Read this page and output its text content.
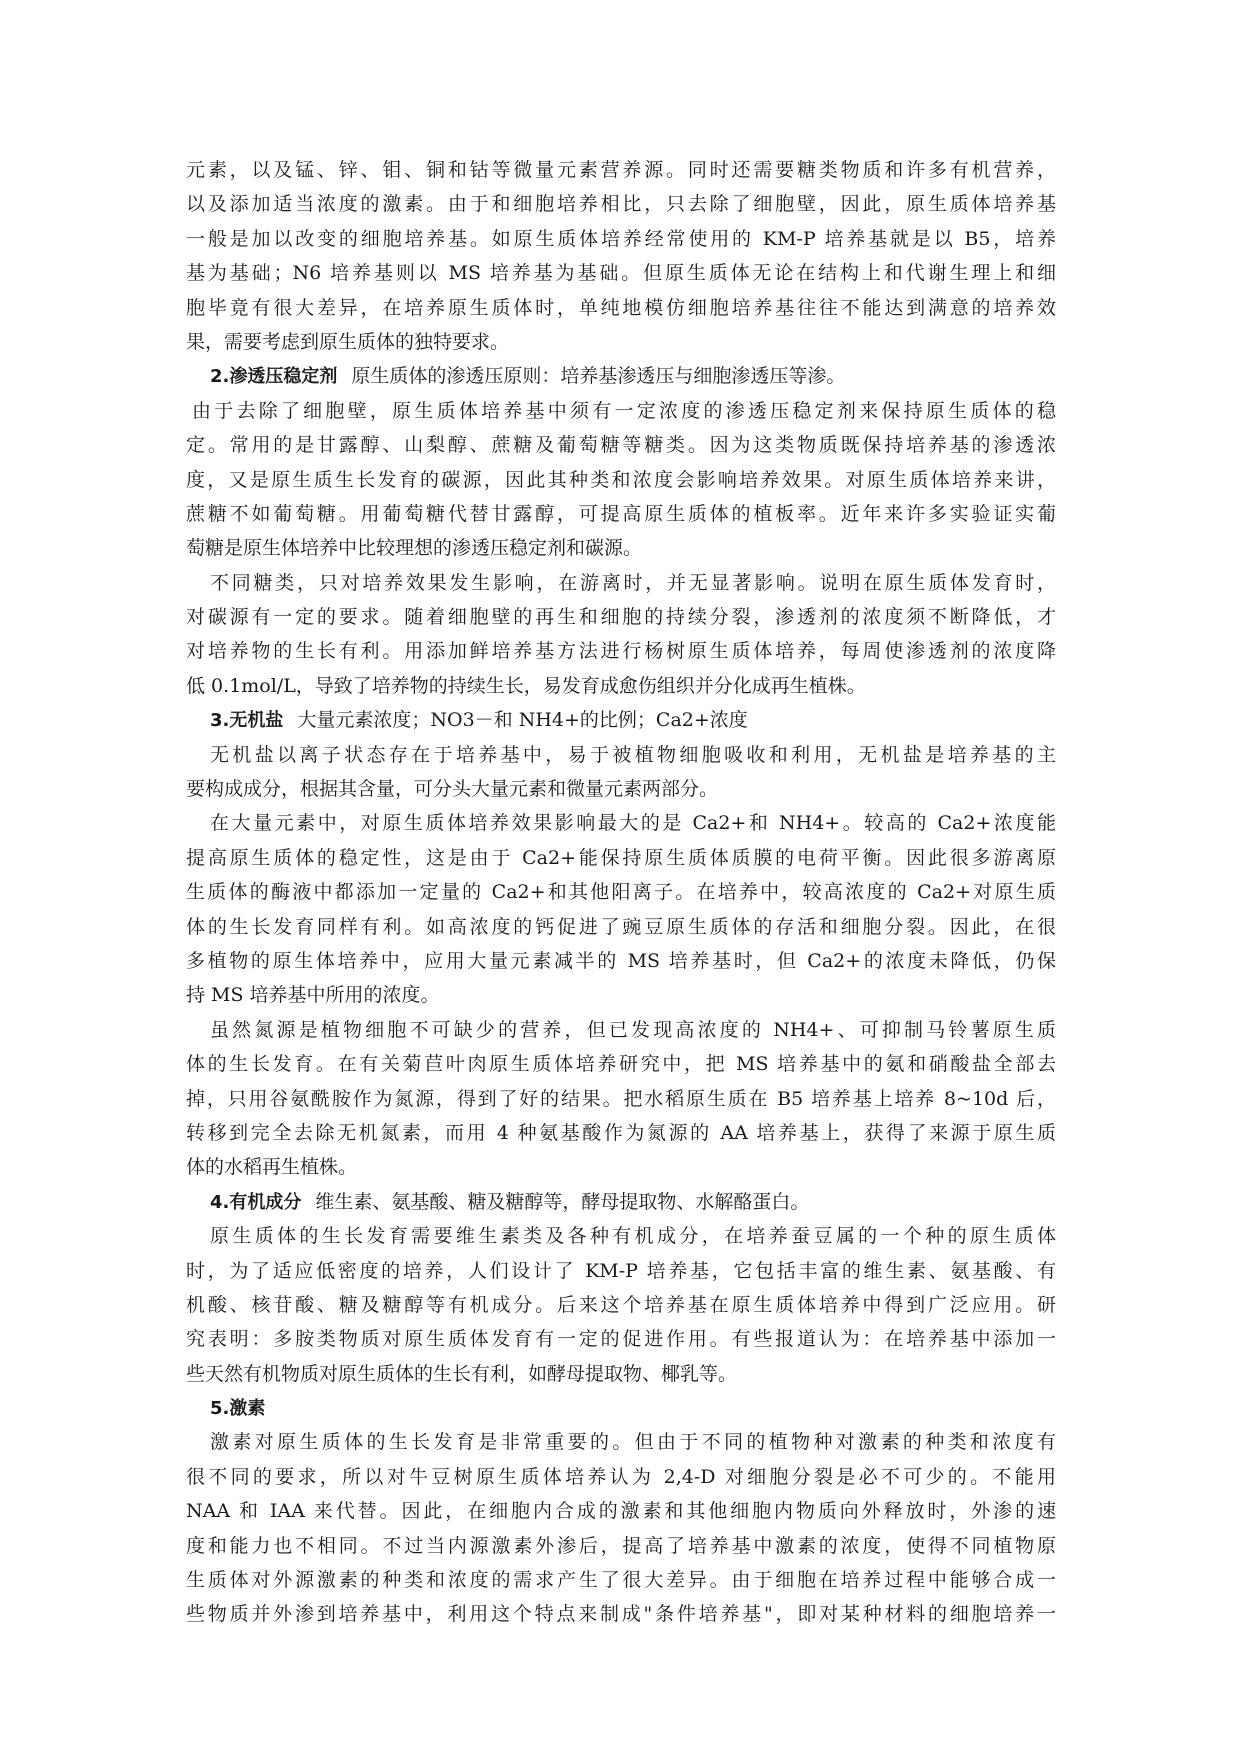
元素，以及锰、锌、钼、铜和钴等微量元素营养源。同时还需要糖类物质和许多有机营养，
以及添加适当浓度的激素。由于和细胞培养相比，只去除了细胞壁，因此，原生质体培养基
一般是加以改变的细胞培养基。如原生质体培养经常使用的 KM-P 培养基就是以 B5，培养
基为基础；N6 培养基则以 MS 培养基为基础。但原生质体无论在结构上和代谢生理上和细
胞毕竟有很大差异，在培养原生质体时，单纯地模仿细胞培养基往往不能达到满意的培养效
果，需要考虑到原生质体的独特要求。
2.渗透压稳定剂 原生质体的渗透压原则：培养基渗透压与细胞渗透压等渗。
由于去除了细胞壁，原生质体培养基中须有一定浓度的渗透压稳定剂来保持原生质体的稳
定。常用的是甘露醇、山梨醇、蔗糖及葡萄糖等糖类。因为这类物质既保持培养基的渗透浓
度，又是原生质生长发育的碳源，因此其种类和浓度会影响培养效果。对原生质体培养来讲，
蔗糖不如葡萄糖。用葡萄糖代替甘露醇，可提高原生质体的植板率。近年来许多实验证实葡
萄糖是原生体培养中比较理想的渗透压稳定剂和碳源。
不同糖类，只对培养效果发生影响，在游离时，并无显著影响。说明在原生质体发育时，
对碳源有一定的要求。随着细胞壁的再生和细胞的持续分裂，渗透剂的浓度须不断降低，才
对培养物的生长有利。用添加鲜培养基方法进行杨树原生质体培养，每周使渗透剂的浓度降
低 0.1mol/L，导致了培养物的持续生长，易发育成愈伤组织并分化成再生植株。
3.无机盐 大量元素浓度；NO3－和 NH4+的比例；Ca2+浓度
无机盐以离子状态存在于培养基中，易于被植物细胞吸收和利用，无机盐是培养基的主
要构成成分，根据其含量，可分头大量元素和微量元素两部分。
在大量元素中，对原生质体培养效果影响最大的是 Ca2+和 NH4+。较高的 Ca2+浓度能
提高原生质体的稳定性，这是由于 Ca2+能保持原生质体质膜的电荷平衡。因此很多游离原
生质体的酶液中都添加一定量的 Ca2+和其他阳离子。在培养中，较高浓度的 Ca2+对原生质
体的生长发育同样有利。如高浓度的钙促进了豌豆原生质体的存活和细胞分裂。因此，在很
多植物的原生体培养中，应用大量元素减半的 MS 培养基时，但 Ca2+的浓度未降低，仍保
持 MS 培养基中所用的浓度。
虽然氮源是植物细胞不可缺少的营养，但已发现高浓度的 NH4+、可抑制马铃薯原生质
体的生长发育。在有关菊苣叶肉原生质体培养研究中，把 MS 培养基中的氨和硝酸盐全部去
掉，只用谷氨酰胺作为氮源，得到了好的结果。把水稻原生质在 B5 培养基上培养 8~10d 后，
转移到完全去除无机氮素，而用 4 种氨基酸作为氮源的 AA 培养基上，获得了来源于原生质
体的水稻再生植株。
4.有机成分 维生素、氨基酸、糖及糖醇等，酵母提取物、水解酪蛋白。
原生质体的生长发育需要维生素类及各种有机成分，在培养蚕豆属的一个种的原生质体
时，为了适应低密度的培养，人们设计了 KM-P 培养基，它包括丰富的维生素、氨基酸、有
机酸、核苷酸、糖及糖醇等有机成分。后来这个培养基在原生质体培养中得到广泛应用。研
究表明：多胺类物质对原生质体发育有一定的促进作用。有些报道认为：在培养基中添加一
些天然有机物质对原生质体的生长有利，如酵母提取物、椰乳等。
5.激素
激素对原生质体的生长发育是非常重要的。但由于不同的植物种对激素的种类和浓度有
很不同的要求，所以对牛豆树原生质体培养认为 2,4-D 对细胞分裂是必不可少的。不能用
NAA 和 IAA 来代替。因此，在细胞内合成的激素和其他细胞内物质向外释放时，外渗的速
度和能力也不相同。不过当内源激素外渗后，提高了培养基中激素的浓度，使得不同植物原
生质体对外源激素的种类和浓度的需求产生了很大差异。由于细胞在培养过程中能够合成一
些物质并外渗到培养基中，利用这个特点来制成"条件培养基"，即对某种材料的细胞培养一
